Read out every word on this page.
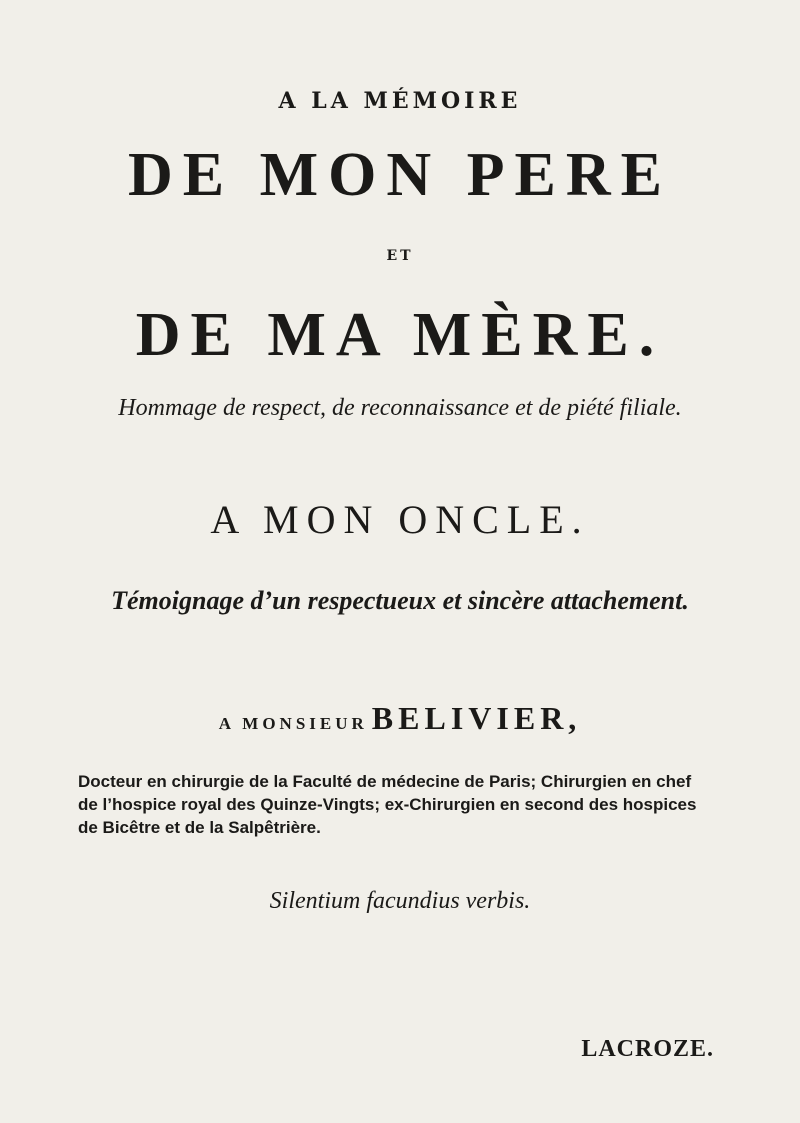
A LA MÉMOIRE
DE MON PERE
ET
DE MA MÈRE.
Hommage de respect, de reconnaissance et de piété filiale.
A MON ONCLE.
Témoignage d’un respectueux et sincère attachement.
A MONSIEUR BELIVIER,
Docteur en chirurgie de la Faculté de médecine de Paris; Chirurgien en chef
de l’hospice royal des Quinze-Vingts; ex-Chirurgien en second des hospices
de Bicêtre et de la Salpêtrière.
Silentium facundius verbis.
LACROZE.
